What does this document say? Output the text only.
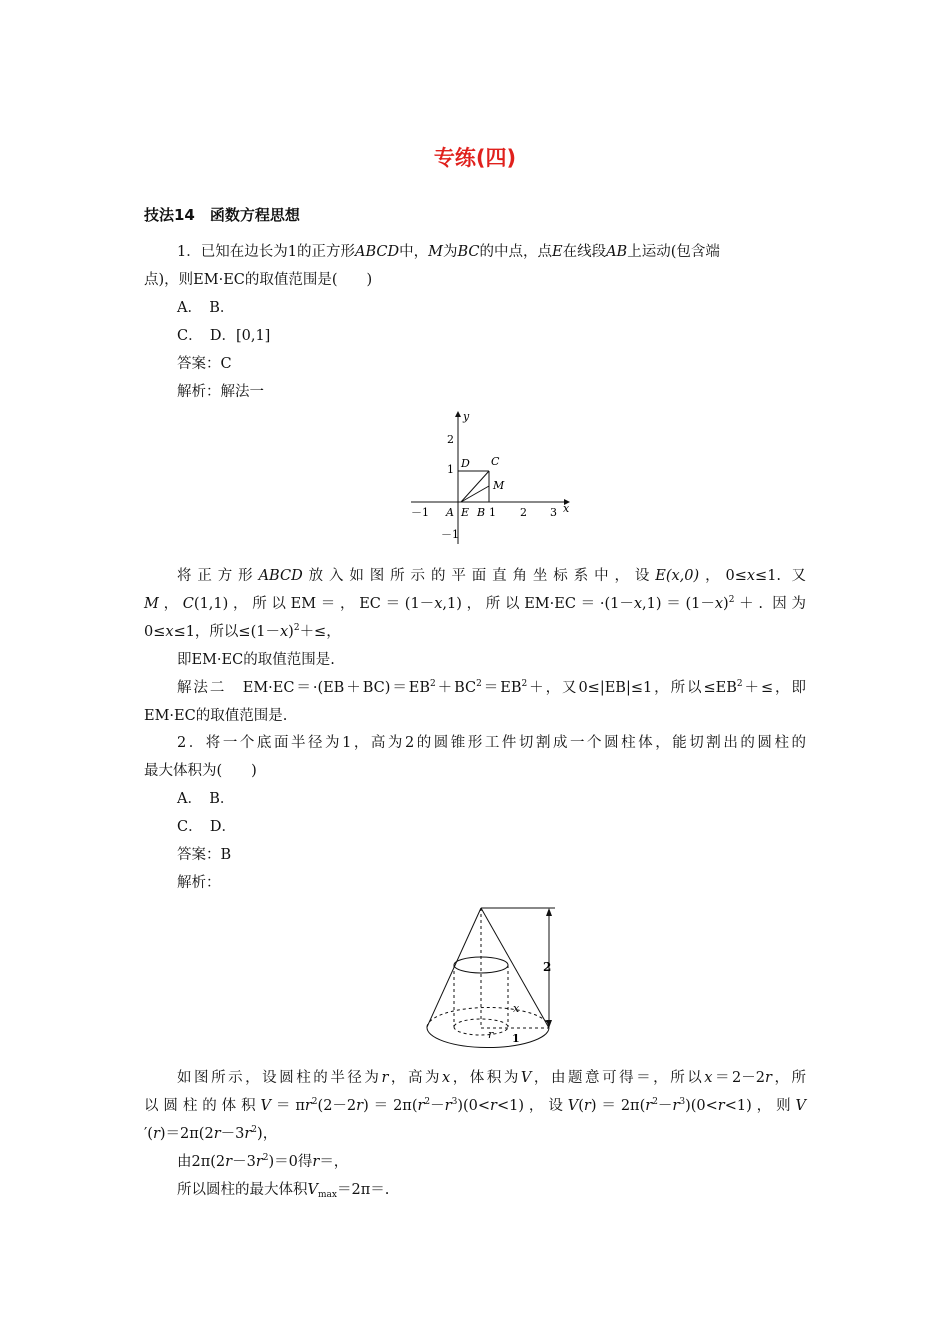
专练(四)
技法14　函数方程思想
1．已知在边长为1的正方形ABCD中，M为BC的中点，点E在线段AB上运动(包含端
点)，则EM·EC的取值范围是(　　)
A．　B．
C．　D．[0,1]
答案：C
解析：解法一
y
x
2
1
－1
－1 A E B 1 2 3
D C
M
将正方形ABCD放入如图所示的平面直角坐标系中，设E(x,0)，0≤x≤1. 又
M，C(1,1)，所以EM＝，EC＝(1－x,1)，所以$EM\cdot EC=\cdot(1-x,1)=(1-x)^2+$. 因为
0≤x≤1，所以$\le(1-x)^2+\le$，
即EM·EC的取值范围是.
解法二　$EM\cdot EC=\cdot(EB+BC)=EB^2+BC^2=EB^2+$，又0≤|EB|≤1，所以$\le EB^2+\le$，即
EM·EC的取值范围是.
2．将一个底面半径为1，高为2的圆锥形工件切割成一个圆柱体，能切割出的圆柱的
最大体积为(　　)
A．　B．
C．　D．
答案：B
解析：
2
x
r 1
如图所示，设圆柱的半径为r，高为x，体积为V，由题意可得＝，所以x＝2－2r，所
以圆柱的体积$V=\pi r^2(2-2r)=2\pi(r^2-r^3)(0<r<1)$，设$V(r)=2\pi(r^2-r^3)(0<r<1)$，则V
$'(r)=2\pi(2r-3r^2)$，
由$2\pi(2r-3r^2)=0$得r＝，
所以圆柱的最大体积$V_{max}=2\pi=$.
